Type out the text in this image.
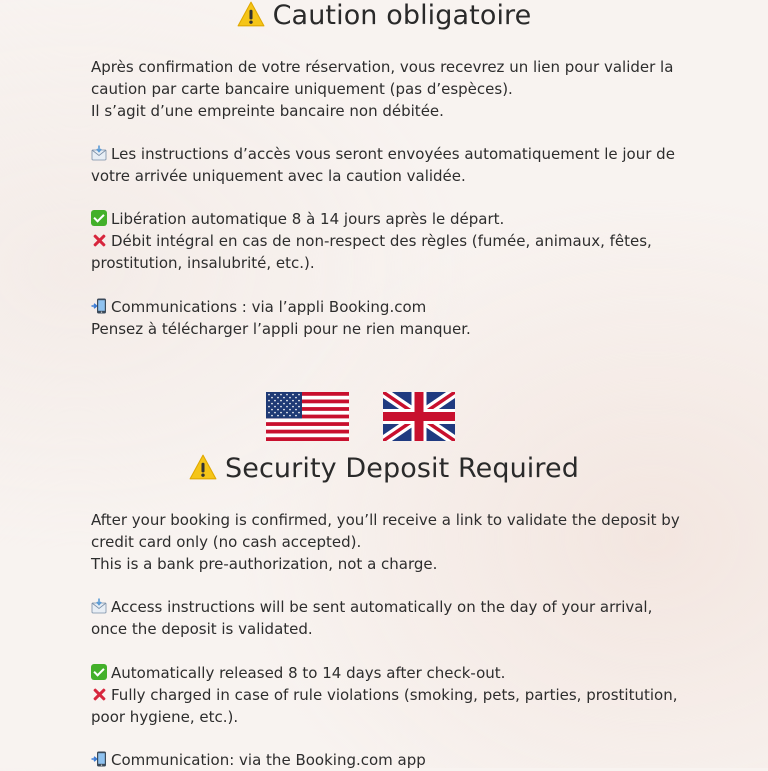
Caution obligatoire
Après confirmation de votre réservation, vous recevrez un lien pour valider la
caution par carte bancaire uniquement (pas d’espèces).
Il s’agit d’une empreinte bancaire non débitée.
Les instructions d’accès vous seront envoyées automatiquement le jour de
votre arrivée uniquement avec la caution validée.
Libération automatique 8 à 14 jours après le départ.
Débit intégral en cas de non-respect des règles (fumée, animaux, fêtes,
prostitution, insalubrité, etc.).
Communications : via l’appli Booking.com
Pensez à télécharger l’appli pour ne rien manquer.
Security Deposit Required
After your booking is confirmed, you’ll receive a link to validate the deposit by
credit card only (no cash accepted).
This is a bank pre-authorization, not a charge.
Access instructions will be sent automatically on the day of your arrival,
once the deposit is validated.
Automatically released 8 to 14 days after check-out.
Fully charged in case of rule violations (smoking, pets, parties, prostitution,
poor hygiene, etc.).
Communication: via the Booking.com app
